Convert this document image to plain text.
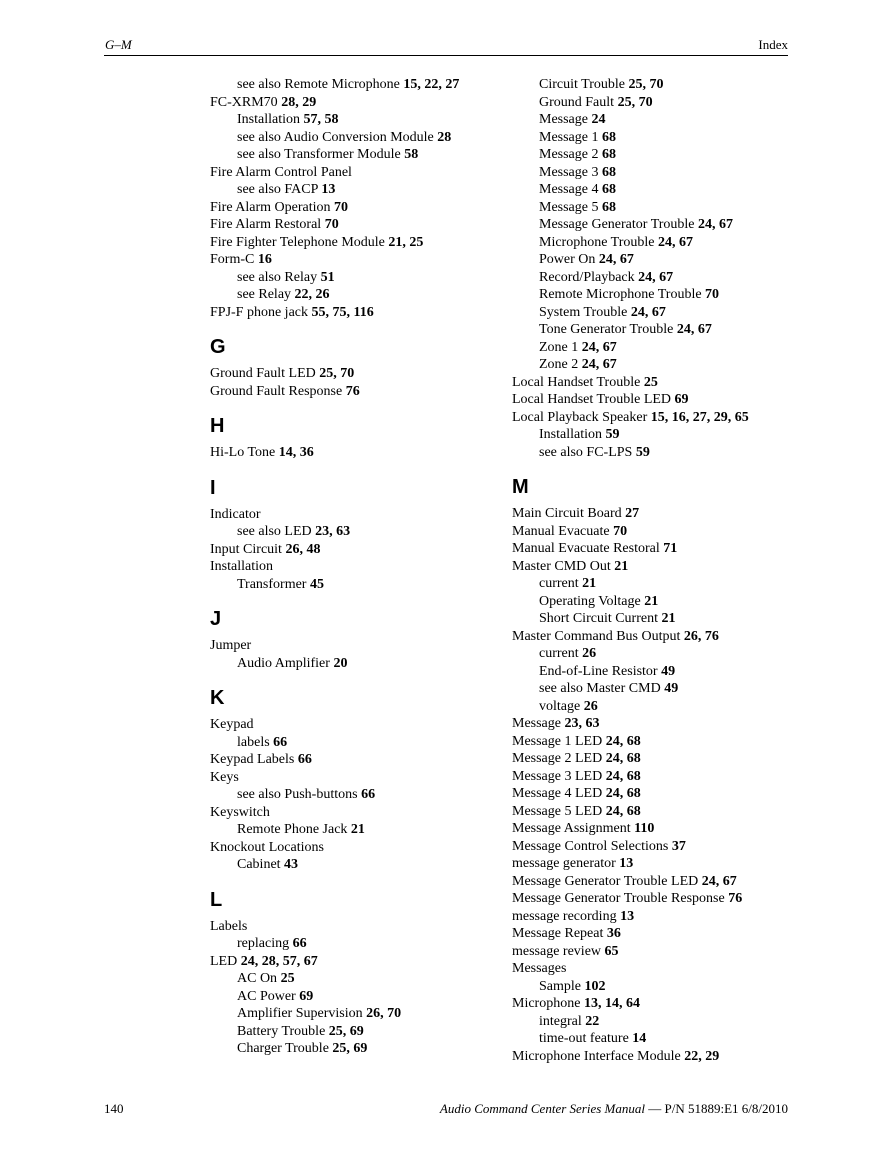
G–M	Index
see also Remote Microphone 15, 22, 27
FC-XRM70 28, 29
Installation 57, 58
see also Audio Conversion Module 28
see also Transformer Module 58
Fire Alarm Control Panel
see also FACP 13
Fire Alarm Operation 70
Fire Alarm Restoral 70
Fire Fighter Telephone Module 21, 25
Form-C 16
see also Relay 51
see Relay 22, 26
FPJ-F phone jack 55, 75, 116
G
Ground Fault LED 25, 70
Ground Fault Response 76
H
Hi-Lo Tone 14, 36
I
Indicator
see also LED 23, 63
Input Circuit 26, 48
Installation
Transformer 45
J
Jumper
Audio Amplifier 20
K
Keypad
labels 66
Keypad Labels 66
Keys
see also Push-buttons 66
Keyswitch
Remote Phone Jack 21
Knockout Locations
Cabinet 43
L
Labels
replacing 66
LED 24, 28, 57, 67
AC On 25
AC Power 69
Amplifier Supervision 26, 70
Battery Trouble 25, 69
Charger Trouble 25, 69
Circuit Trouble 25, 70
Ground Fault 25, 70
Message 24
Message 1 68
Message 2 68
Message 3 68
Message 4 68
Message 5 68
Message Generator Trouble 24, 67
Microphone Trouble 24, 67
Power On 24, 67
Record/Playback 24, 67
Remote Microphone Trouble 70
System Trouble 24, 67
Tone Generator Trouble 24, 67
Zone 1 24, 67
Zone 2 24, 67
Local Handset Trouble 25
Local Handset Trouble LED 69
Local Playback Speaker 15, 16, 27, 29, 65
Installation 59
see also FC-LPS 59
M
Main Circuit Board 27
Manual Evacuate 70
Manual Evacuate Restoral 71
Master CMD Out 21
current 21
Operating Voltage 21
Short Circuit Current 21
Master Command Bus Output 26, 76
current 26
End-of-Line Resistor 49
see also Master CMD 49
voltage 26
Message 23, 63
Message 1 LED 24, 68
Message 2 LED 24, 68
Message 3 LED 24, 68
Message 4 LED 24, 68
Message 5 LED 24, 68
Message Assignment 110
Message Control Selections 37
message generator 13
Message Generator Trouble LED 24, 67
Message Generator Trouble Response 76
message recording 13
Message Repeat 36
message review 65
Messages
Sample 102
Microphone 13, 14, 64
integral 22
time-out feature 14
Microphone Interface Module 22, 29
140	Audio Command Center Series Manual — P/N 51889:E1 6/8/2010
